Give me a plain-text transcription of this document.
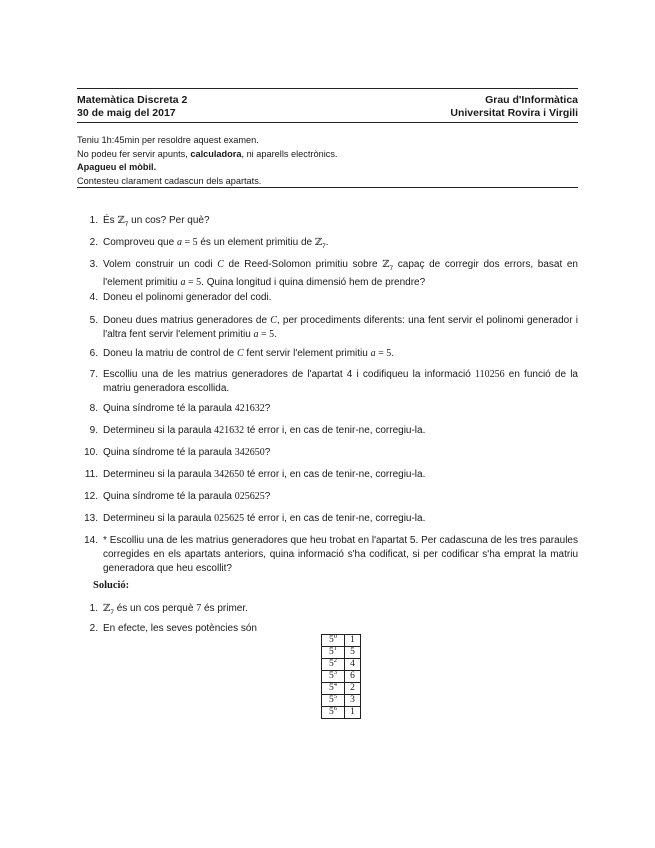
Matemàtica Discreta 2
30 de maig del 2017
Grau d'Informàtica
Universitat Rovira i Virgili
Teniu 1h:45min per resoldre aquest examen.
No podeu fer servir apunts, calculadora, ni aparells electrònics.
Apagueu el mòbil.
Contesteu clarament cadascun dels apartats.
1. És ℤ$_7$ un cos? Per què?
2. Comproveu que a = 5 és un element primitiu de ℤ$_7$.
3. Volem construir un codi C de Reed-Solomon primitiu sobre ℤ$_7$ capaç de corregir dos errors, basat en l'element primitiu a = 5. Quina longitud i quina dimensió hem de prendre?
4. Doneu el polinomi generador del codi.
5. Doneu dues matrius generadores de C, per procediments diferents: una fent servir el polinomi generador i l'altra fent servir l'element primitiu a = 5.
6. Doneu la matriu de control de C fent servir l'element primitiu a = 5.
7. Escolliu una de les matrius generadores de l'apartat 4 i codifiqueu la informació 110256 en funció de la matriu generadora escollida.
8. Quina síndrome té la paraula 421632?
9. Determineu si la paraula 421632 té error i, en cas de tenir-ne, corregiu-la.
10. Quina síndrome té la paraula 342650?
11. Determineu si la paraula 342650 té error i, en cas de tenir-ne, corregiu-la.
12. Quina síndrome té la paraula 025625?
13. Determineu si la paraula 025625 té error i, en cas de tenir-ne, corregiu-la.
14. * Escolliu una de les matrius generadores que heu trobat en l'apartat 5. Per cadascuna de les tres paraules corregides en els apartats anteriors, quina informació s'ha codificat, si per codificar s'ha emprat la matriu generadora que heu escollit?
Solució:
1. ℤ$_7$ és un cos perquè 7 és primer.
2. En efecte, les seves potències són
$5^0$	1
$5^1$	5
$5^2$	4
$5^3$	6
$5^4$	2
$5^5$	3
$5^6$	1
